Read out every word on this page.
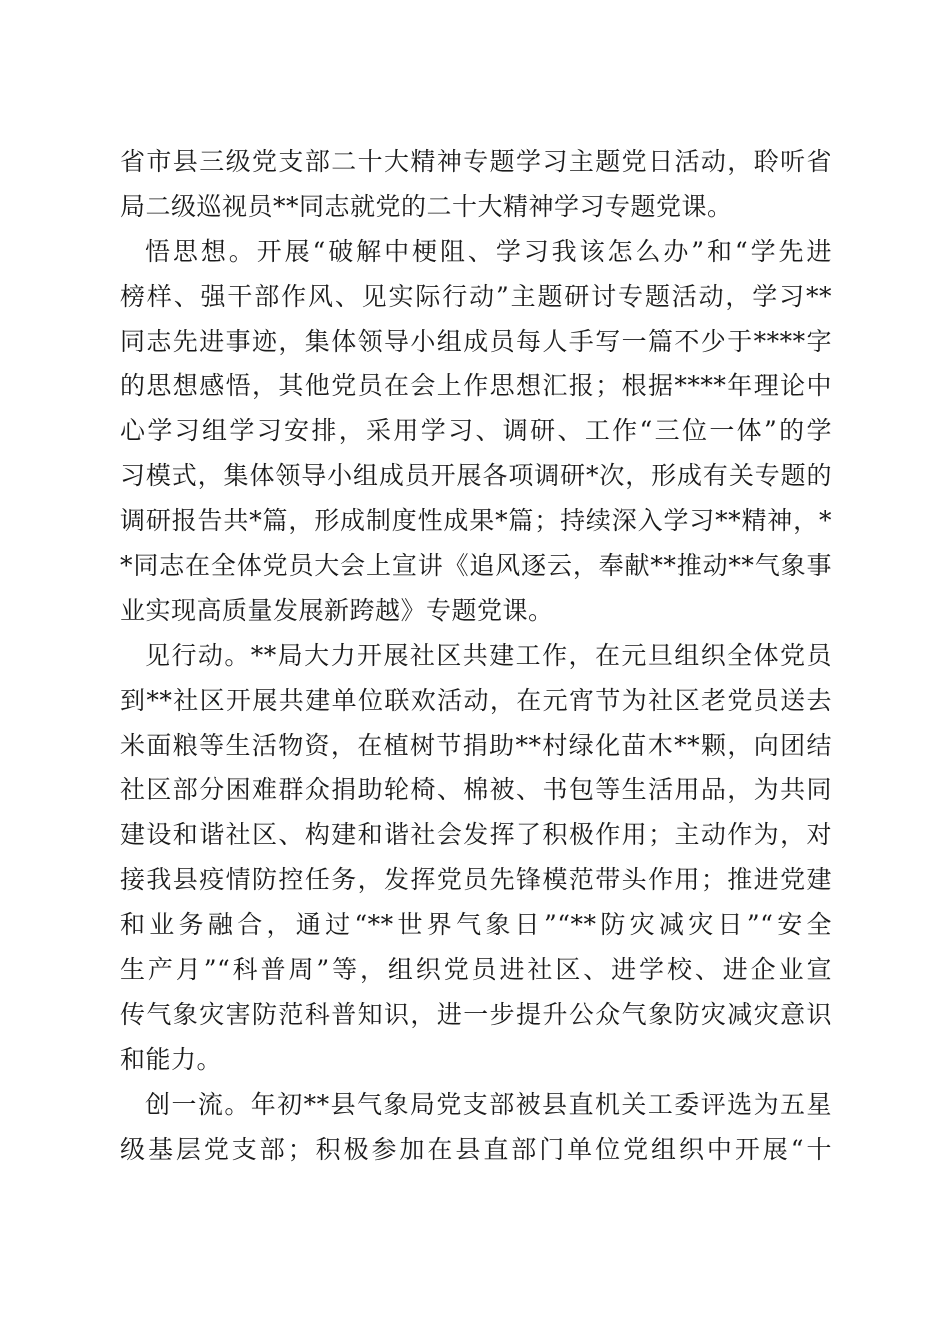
省市县三级党支部二十大精神专题学习主题党日活动，聆听省
局二级巡视员**同志就党的二十大精神学习专题党课。
悟思想。开展“破解中梗阻、学习我该怎么办”和“学先进
榜样、强干部作风、见实际行动”主题研讨专题活动，学习**
同志先进事迹，集体领导小组成员每人手写一篇不少于****字
的思想感悟，其他党员在会上作思想汇报；根据****年理论中
心学习组学习安排，采用学习、调研、工作“三位一体”的学
习模式，集体领导小组成员开展各项调研*次，形成有关专题的
调研报告共*篇，形成制度性成果*篇；持续深入学习**精神，*
*同志在全体党员大会上宣讲《追风逐云，奉献**推动**气象事
业实现高质量发展新跨越》专题党课。
见行动。**局大力开展社区共建工作，在元旦组织全体党员
到**社区开展共建单位联欢活动，在元宵节为社区老党员送去
米面粮等生活物资，在植树节捐助**村绿化苗木**颗，向团结
社区部分困难群众捐助轮椅、棉被、书包等生活用品，为共同
建设和谐社区、构建和谐社会发挥了积极作用；主动作为，对
接我县疫情防控任务，发挥党员先锋模范带头作用；推进党建
和业务融合，通过“**世界气象日”“**防灾减灾日”“安全
生产月”“科普周”等，组织党员进社区、进学校、进企业宣
传气象灾害防范科普知识，进一步提升公众气象防灾减灾意识
和能力。
创一流。年初**县气象局党支部被县直机关工委评选为五星
级基层党支部；积极参加在县直部门单位党组织中开展“十
